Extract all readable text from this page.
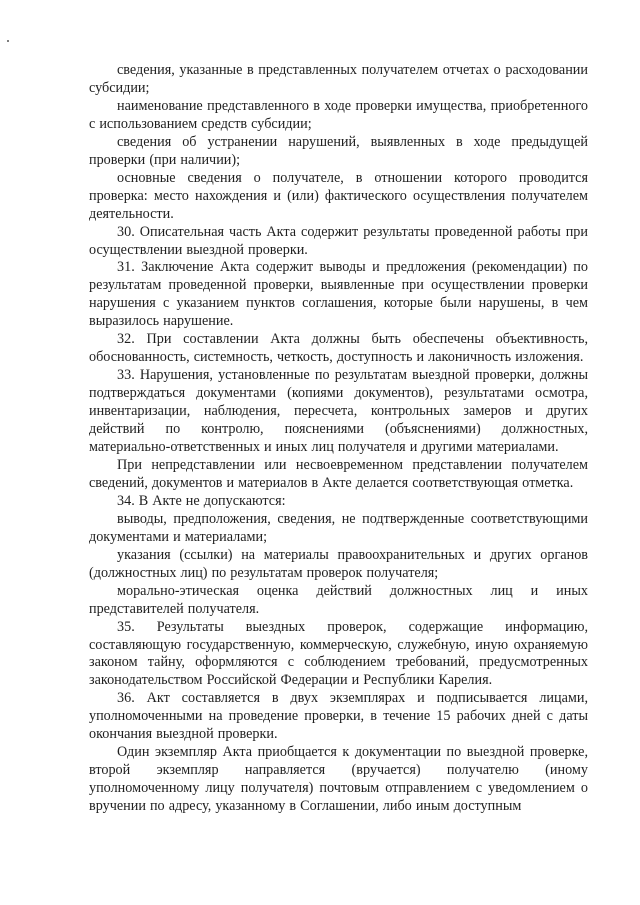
сведения, указанные в представленных получателем отчетах о расходовании субсидии;

наименование представленного в ходе проверки имущества, приобретенного с использованием средств субсидии;

сведения об устранении нарушений, выявленных в ходе предыдущей проверки (при наличии);

основные сведения о получателе, в отношении которого проводится проверка: место нахождения и (или) фактического осуществления получателем деятельности.

30. Описательная часть Акта содержит результаты проведенной работы при осуществлении выездной проверки.

31. Заключение Акта содержит выводы и предложения (рекомендации) по результатам проведенной проверки, выявленные при осуществлении проверки нарушения с указанием пунктов соглашения, которые были нарушены, в чем выразилось нарушение.

32. При составлении Акта должны быть обеспечены объективность, обоснованность, системность, четкость, доступность и лаконичность изложения.

33. Нарушения, установленные по результатам выездной проверки, должны подтверждаться документами (копиями документов), результатами осмотра, инвентаризации, наблюдения, пересчета, контрольных замеров и других действий по контролю, пояснениями (объяснениями) должностных, материально-ответственных и иных лиц получателя и другими материалами.

При непредставлении или несвоевременном представлении получателем сведений, документов и материалов в Акте делается соответствующая отметка.

34. В Акте не допускаются:

выводы, предположения, сведения, не подтвержденные соответствующими документами и материалами;

указания (ссылки) на материалы правоохранительных и других органов (должностных лиц) по результатам проверок получателя;

морально-этическая оценка действий должностных лиц и иных представителей получателя.

35. Результаты выездных проверок, содержащие информацию, составляющую государственную, коммерческую, служебную, иную охраняемую законом тайну, оформляются с соблюдением требований, предусмотренных законодательством Российской Федерации и Республики Карелия.

36. Акт составляется в двух экземплярах и подписывается лицами, уполномоченными на проведение проверки, в течение 15 рабочих дней с даты окончания выездной проверки.

Один экземпляр Акта приобщается к документации по выездной проверке, второй экземпляр направляется (вручается) получателю (иному уполномоченному лицу получателя) почтовым отправлением с уведомлением о вручении по адресу, указанному в Соглашении, либо иным доступным
